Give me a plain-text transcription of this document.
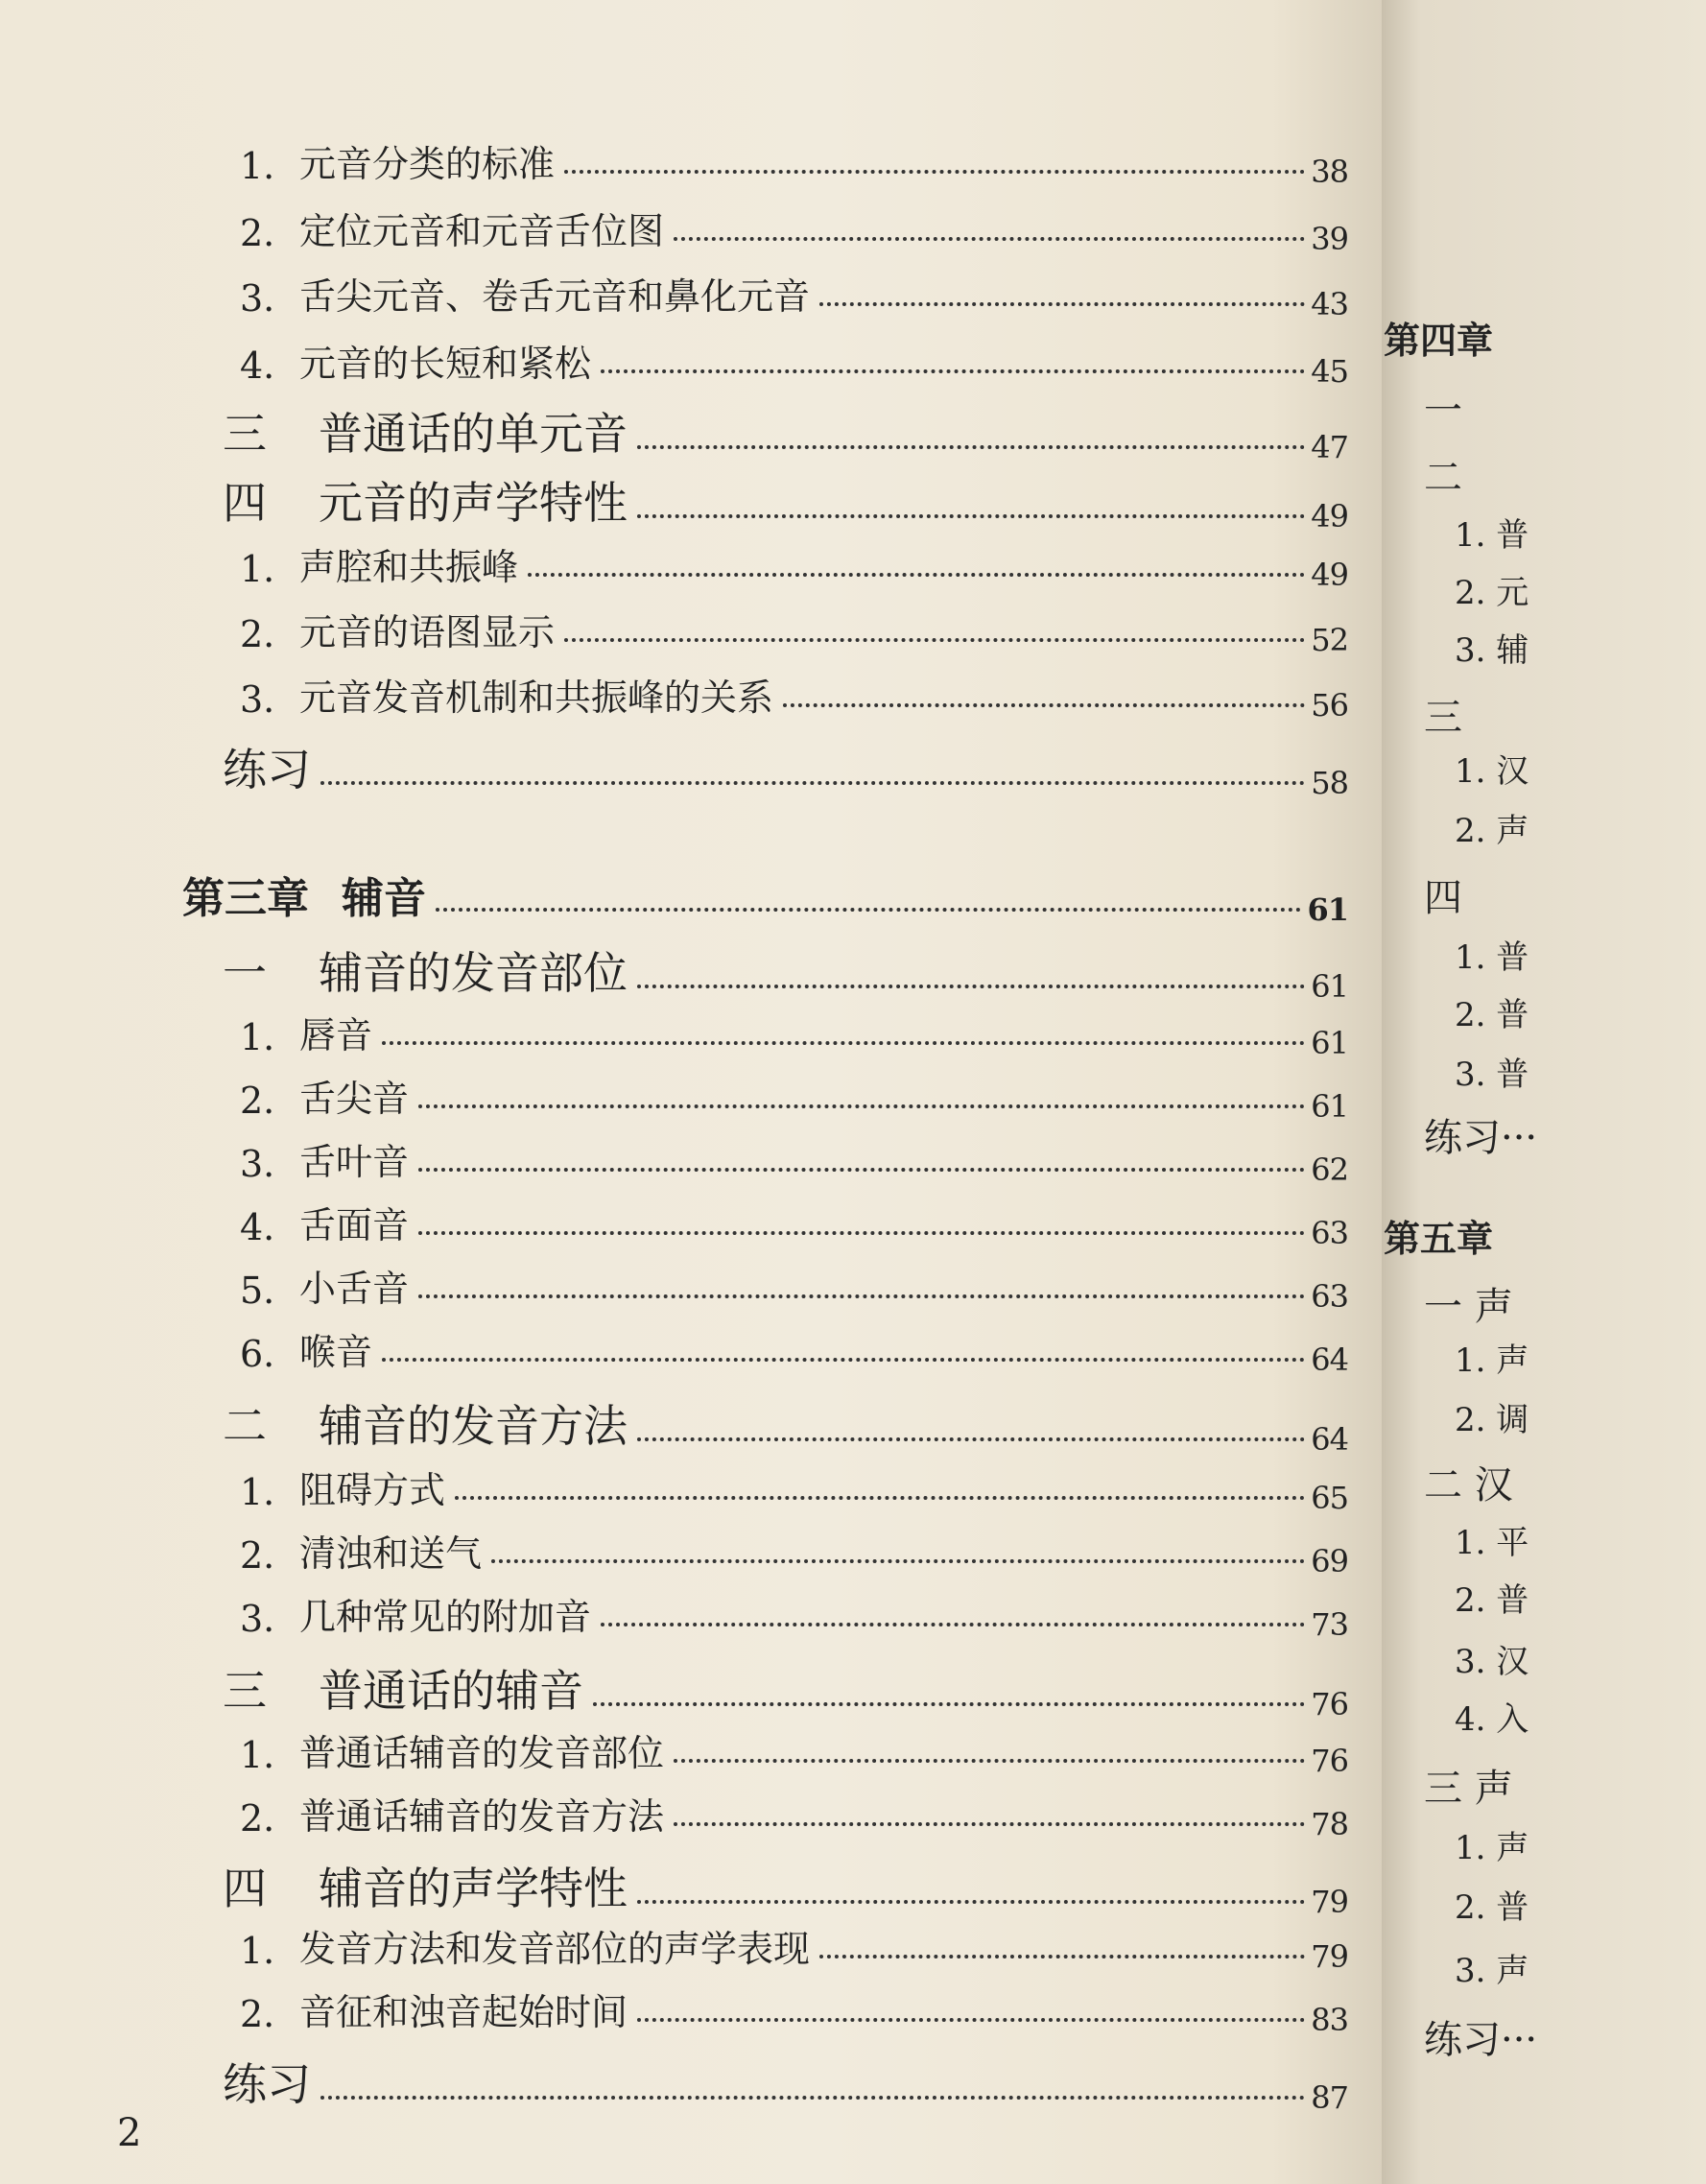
1. 元音分类的标准	38
2. 定位元音和元音舌位图	39
3. 舌尖元音、卷舌元音和鼻化元音	43
4. 元音的长短和紧松	45
三	普通话的单元音	47
四	元音的声学特性	49
1. 声腔和共振峰	49
2. 元音的语图显示	52
3. 元音发音机制和共振峰的关系	56
练习	58
第三章 辅音	61
一	辅音的发音部位	61
1. 唇音	61
2. 舌尖音	61
3. 舌叶音	62
4. 舌面音	63
5. 小舌音	63
6. 喉音	64
二	辅音的发音方法	64
1. 阻碍方式	65
2. 清浊和送气	69
3. 几种常见的附加音	73
三	普通话的辅音	76
1. 普通话辅音的发音部位	76
2. 普通话辅音的发音方法	78
四	辅音的声学特性	79
1. 发音方法和发音部位的声学表现	79
2. 音征和浊音起始时间	83
练习	87
2
第四章
一
二
1. 普
2. 元
3. 辅
三
1. 汉
2. 声
四
1. 普
2. 普
3. 普
练习···
第五章
一 声
1. 声
2. 调
二 汉
1. 平
2. 普
3. 汉
4. 入
三 声
1. 声
2. 普
3. 声
练习···
